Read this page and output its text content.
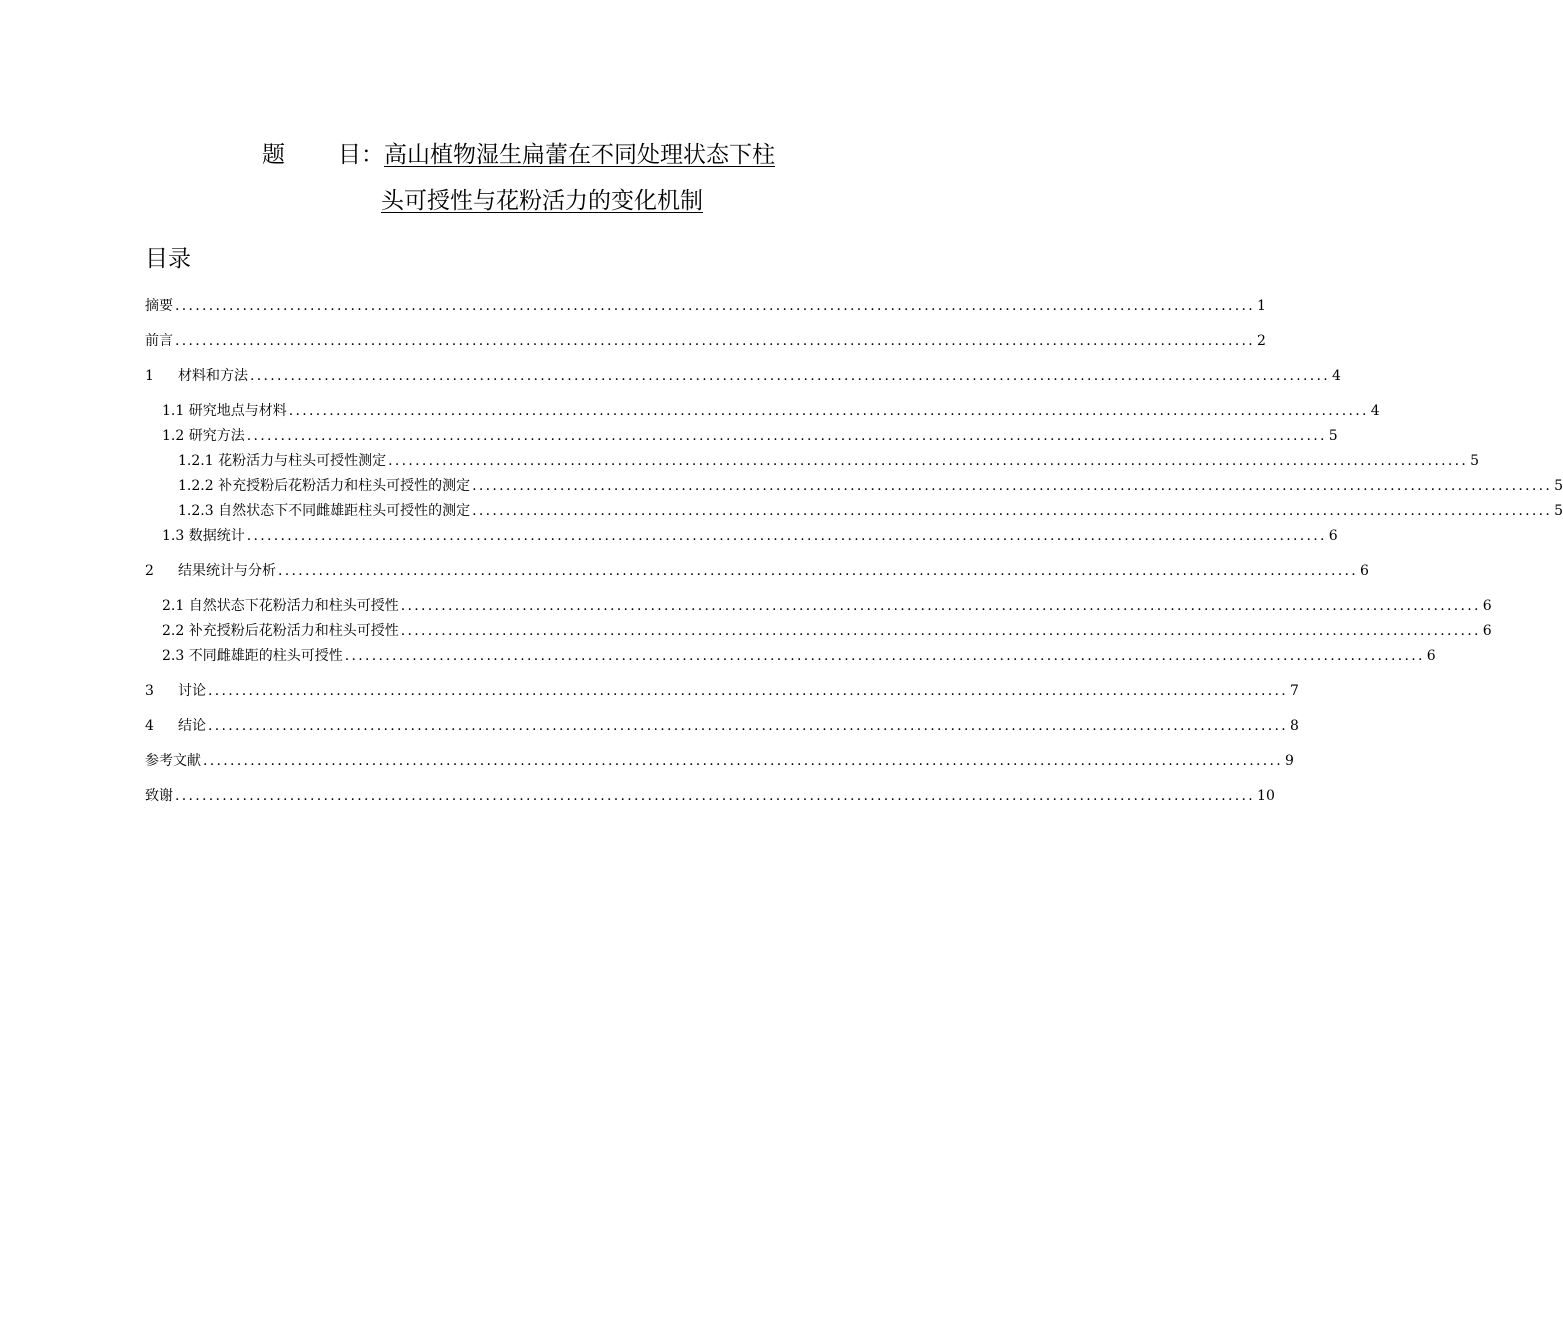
题 目： 高山植物湿生扁蕾在不同处理状态下柱
头可授性与花粉活力的变化机制
目录
摘要 ................................................................................................................................................................ 1
前言 ................................................................................................................................................................ 2
1	材料和方法 ................................................................................................................................................................ 4
1.1 研究地点与材料 ................................................................................................................................................................ 4
1.2 研究方法 ................................................................................................................................................................ 5
1.2.1 花粉活力与柱头可授性测定 ................................................................................................................................................................ 5
1.2.2 补充授粉后花粉活力和柱头可授性的测定 ................................................................................................................................................................ 5
1.2.3 自然状态下不同雌雄距柱头可授性的测定 ................................................................................................................................................................ 5
1.3 数据统计 ................................................................................................................................................................ 6
2	结果统计与分析 ................................................................................................................................................................ 6
2.1 自然状态下花粉活力和柱头可授性 ................................................................................................................................................................ 6
2.2 补充授粉后花粉活力和柱头可授性 ................................................................................................................................................................ 6
2.3 不同雌雄距的柱头可授性 ................................................................................................................................................................ 6
3	讨论 ................................................................................................................................................................ 7
4	结论 ................................................................................................................................................................ 8
参考文献 ................................................................................................................................................................ 9
致谢 ................................................................................................................................................................ 10
